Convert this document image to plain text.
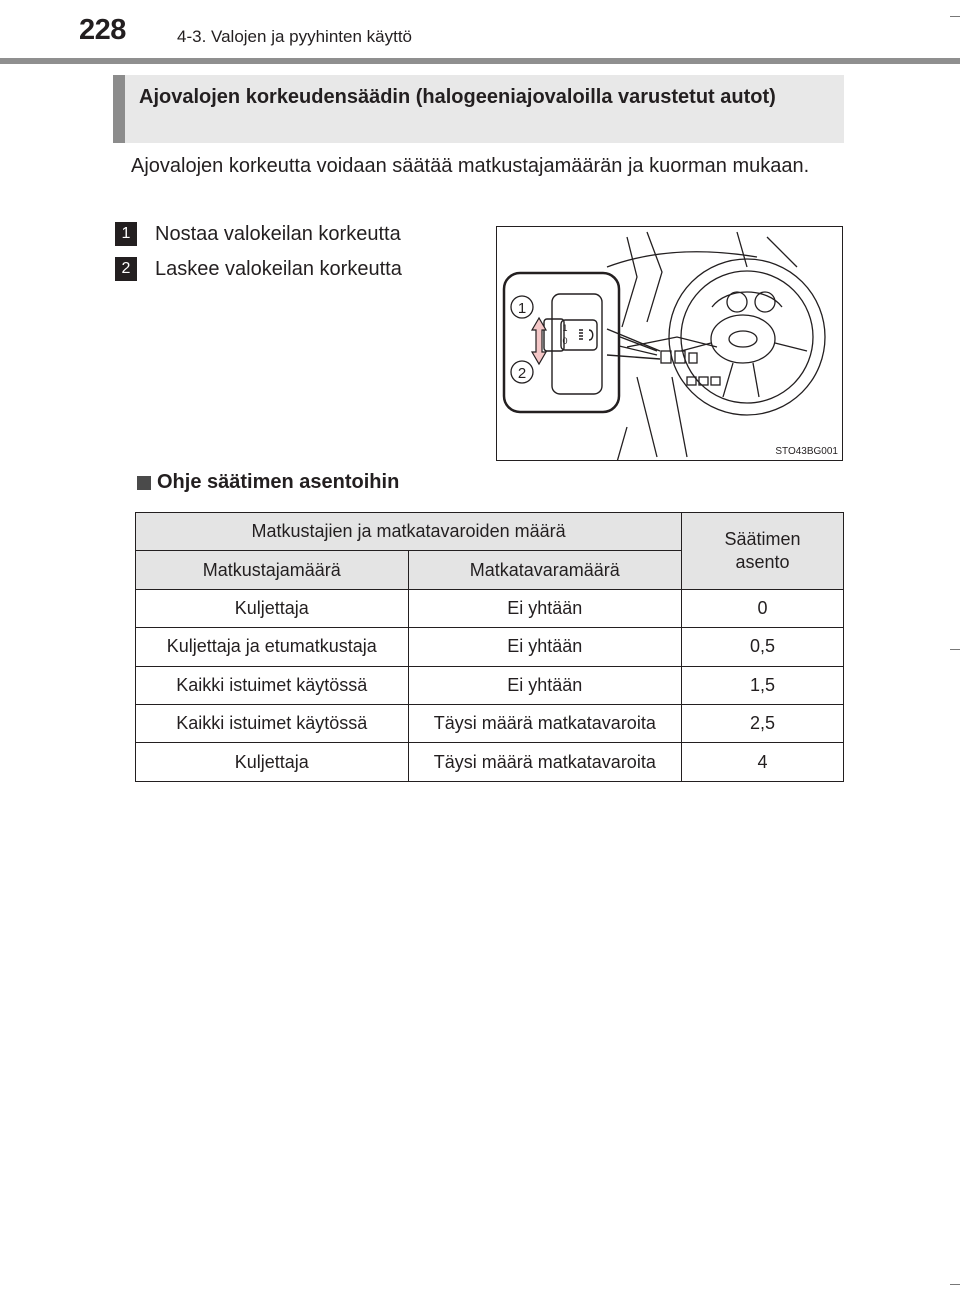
228	4-3. Valojen ja pyyhinten käyttö
Ajovalojen korkeudensäädin (halogeeniajovaloilla varustetut autot)
Ajovalojen korkeutta voidaan säätää matkustajamäärän ja kuorman mukaan.
1	Nostaa valokeilan korkeutta
2	Laskee valokeilan korkeutta
1
2
1
0
STO43BG001
Ohje säätimen asentoihin
Matkustajien ja matkatavaroiden määrä		Säätimen asento
Matkustajamäärä	Matkatavaramäärä	
Kuljettaja	Ei yhtään	0
Kuljettaja ja etumatkustaja	Ei yhtään	0,5
Kaikki istuimet käytössä	Ei yhtään	1,5
Kaikki istuimet käytössä	Täysi määrä matkatavaroita	2,5
Kuljettaja	Täysi määrä matkatavaroita	4
